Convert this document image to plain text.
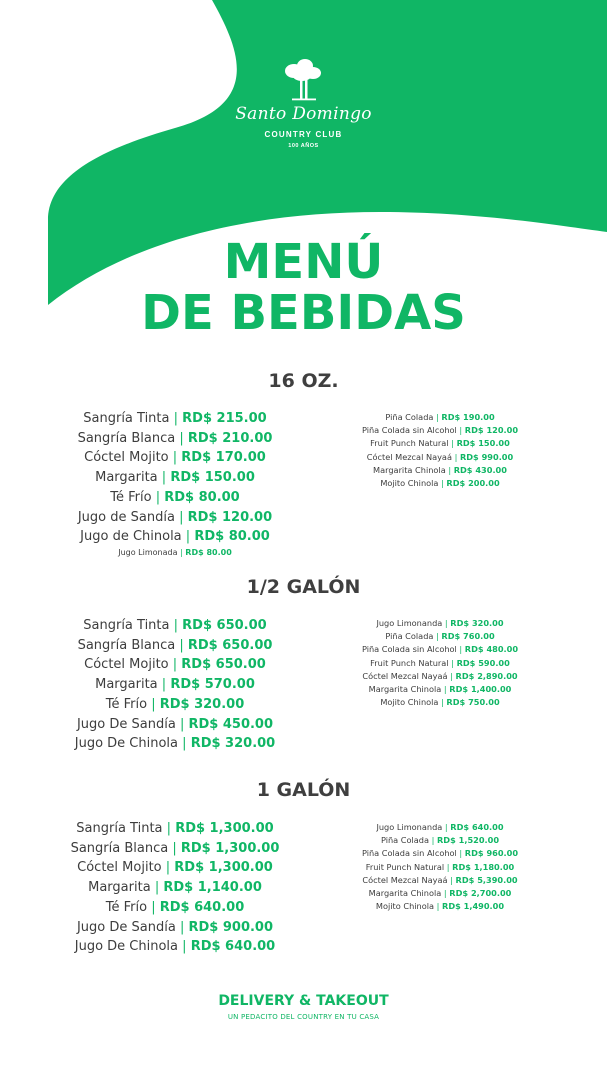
Santo Domingo
COUNTRY CLUB
100 AÑOS
MENÚ
DE BEBIDAS
16 OZ.
Sangría Tinta | RD$ 215.00
Sangría Blanca | RD$ 210.00
Cóctel Mojito | RD$ 170.00
Margarita | RD$ 150.00
Té Frío | RD$ 80.00
Jugo de Sandía | RD$ 120.00
Jugo de Chinola | RD$ 80.00
Jugo Limonada | RD$ 80.00
Piña Colada | RD$ 190.00
Piña Colada sin Alcohol | RD$ 120.00
Fruit Punch Natural | RD$ 150.00
Cóctel Mezcal Nayaá | RD$ 990.00
Margarita Chinola | RD$ 430.00
Mojito Chinola | RD$ 200.00
1/2 GALÓN
Sangría Tinta | RD$ 650.00
Sangría Blanca | RD$ 650.00
Cóctel Mojito | RD$ 650.00
Margarita | RD$ 570.00
Té Frío | RD$ 320.00
Jugo De Sandía | RD$ 450.00
Jugo De Chinola | RD$ 320.00
Jugo Limonanda | RD$ 320.00
Piña Colada | RD$ 760.00
Piña Colada sin Alcohol | RD$ 480.00
Fruit Punch Natural | RD$ 590.00
Cóctel Mezcal Nayaá | RD$ 2,890.00
Margarita Chinola | RD$ 1,400.00
Mojito Chinola | RD$ 750.00
1 GALÓN
Sangría Tinta | RD$ 1,300.00
Sangría Blanca | RD$ 1,300.00
Cóctel Mojito | RD$ 1,300.00
Margarita | RD$ 1,140.00
Té Frío | RD$ 640.00
Jugo De Sandía | RD$ 900.00
Jugo De Chinola | RD$ 640.00
Jugo Limonanda | RD$ 640.00
Piña Colada | RD$ 1,520.00
Piña Colada sin Alcohol | RD$ 960.00
Fruit Punch Natural | RD$ 1,180.00
Cóctel Mezcal Nayaá | RD$ 5,390.00
Margarita Chinola | RD$ 2,700.00
Mojito Chinola | RD$ 1,490.00
DELIVERY & TAKEOUT
UN PEDACITO DEL COUNTRY EN TU CASA
